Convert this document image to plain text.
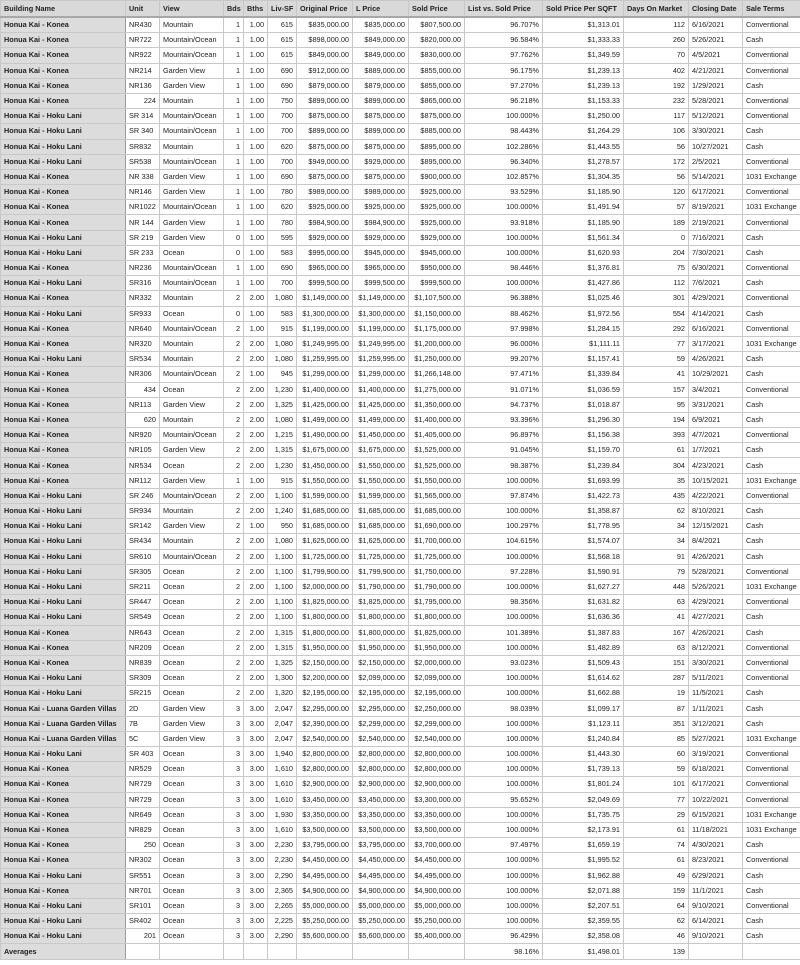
Building Name	Unit	View	Bds	Bths	Liv-SF	Original Price	L Price	Sold Price	List vs. Sold Price	Sold Price Per SQFT	Days On Market	Closing Date	Sale Terms
Honua Kai - Konea	NR430	Mountain	1	1.00	615	$835,000.00	$835,000.00	$807,500.00	96.707%	$1,313.01	112	6/16/2021	Conventional
Honua Kai - Konea	NR722	Mountain/Ocean	1	1.00	615	$898,000.00	$849,000.00	$820,000.00	96.584%	$1,333.33	260	5/26/2021	Cash
Honua Kai - Konea	NR922	Mountain/Ocean	1	1.00	615	$849,000.00	$849,000.00	$830,000.00	97.762%	$1,349.59	70	4/5/2021	Conventional
Honua Kai - Konea	NR214	Garden View	1	1.00	690	$912,000.00	$889,000.00	$855,000.00	96.175%	$1,239.13	402	4/21/2021	Conventional
Honua Kai - Konea	NR136	Garden View	1	1.00	690	$879,000.00	$879,000.00	$855,000.00	97.270%	$1,239.13	192	1/29/2021	Cash
Honua Kai - Konea	224	Mountain	1	1.00	750	$899,000.00	$899,000.00	$865,000.00	96.218%	$1,153.33	232	5/28/2021	Conventional
Honua Kai - Hoku Lani	SR 314	Mountain/Ocean	1	1.00	700	$875,000.00	$875,000.00	$875,000.00	100.000%	$1,250.00	117	5/12/2021	Conventional
Honua Kai - Hoku Lani	SR 340	Mountain/Ocean	1	1.00	700	$899,000.00	$899,000.00	$885,000.00	98.443%	$1,264.29	106	3/30/2021	Cash
Honua Kai - Hoku Lani	SR832	Mountain	1	1.00	620	$875,000.00	$875,000.00	$895,000.00	102.286%	$1,443.55	56	10/27/2021	Cash
Honua Kai - Hoku Lani	SR538	Mountain/Ocean	1	1.00	700	$949,000.00	$929,000.00	$895,000.00	96.340%	$1,278.57	172	2/5/2021	Conventional
Honua Kai - Konea	NR 338	Garden View	1	1.00	690	$875,000.00	$875,000.00	$900,000.00	102.857%	$1,304.35	56	5/14/2021	1031 Exchange
Honua Kai - Konea	NR146	Garden View	1	1.00	780	$989,000.00	$989,000.00	$925,000.00	93.529%	$1,185.90	120	6/17/2021	Conventional
Honua Kai - Konea	NR1022	Mountain/Ocean	1	1.00	620	$925,000.00	$925,000.00	$925,000.00	100.000%	$1,491.94	57	8/19/2021	1031 Exchange
Honua Kai - Konea	NR 144	Garden View	1	1.00	780	$984,900.00	$984,900.00	$925,000.00	93.918%	$1,185.90	189	2/19/2021	Conventional
Honua Kai - Hoku Lani	SR 219	Garden View	0	1.00	595	$929,000.00	$929,000.00	$929,000.00	100.000%	$1,561.34	0	7/16/2021	Cash
Honua Kai - Hoku Lani	SR 233	Ocean	0	1.00	583	$995,000.00	$945,000.00	$945,000.00	100.000%	$1,620.93	204	7/30/2021	Cash
Honua Kai - Konea	NR236	Mountain/Ocean	1	1.00	690	$965,000.00	$965,000.00	$950,000.00	98.446%	$1,376.81	75	6/30/2021	Conventional
Honua Kai - Hoku Lani	SR316	Mountain/Ocean	1	1.00	700	$999,500.00	$999,500.00	$999,500.00	100.000%	$1,427.86	112	7/6/2021	Cash
Honua Kai - Konea	NR332	Mountain	2	2.00	1,080	$1,149,000.00	$1,149,000.00	$1,107,500.00	96.388%	$1,025.46	301	4/29/2021	Conventional
Honua Kai - Hoku Lani	SR933	Ocean	0	1.00	583	$1,300,000.00	$1,300,000.00	$1,150,000.00	88.462%	$1,972.56	554	4/14/2021	Cash
Honua Kai - Konea	NR640	Mountain/Ocean	2	1.00	915	$1,199,000.00	$1,199,000.00	$1,175,000.00	97.998%	$1,284.15	292	6/16/2021	Conventional
Honua Kai - Konea	NR320	Mountain	2	2.00	1,080	$1,249,995.00	$1,249,995.00	$1,200,000.00	96.000%	$1,111.11	77	3/17/2021	1031 Exchange
Honua Kai - Hoku Lani	SR534	Mountain	2	2.00	1,080	$1,259,995.00	$1,259,995.00	$1,250,000.00	99.207%	$1,157.41	59	4/26/2021	Cash
Honua Kai - Konea	NR306	Mountain/Ocean	2	1.00	945	$1,299,000.00	$1,299,000.00	$1,266,148.00	97.471%	$1,339.84	41	10/29/2021	Cash
Honua Kai - Konea	434	Ocean	2	2.00	1,230	$1,400,000.00	$1,400,000.00	$1,275,000.00	91.071%	$1,036.59	157	3/4/2021	Conventional
Honua Kai - Konea	NR113	Garden View	2	2.00	1,325	$1,425,000.00	$1,425,000.00	$1,350,000.00	94.737%	$1,018.87	95	3/31/2021	Cash
Honua Kai - Konea	620	Mountain	2	2.00	1,080	$1,499,000.00	$1,499,000.00	$1,400,000.00	93.396%	$1,296.30	194	6/9/2021	Cash
Honua Kai - Konea	NR920	Mountain/Ocean	2	2.00	1,215	$1,490,000.00	$1,450,000.00	$1,405,000.00	96.897%	$1,156.38	393	4/7/2021	Conventional
Honua Kai - Konea	NR105	Garden View	2	2.00	1,315	$1,675,000.00	$1,675,000.00	$1,525,000.00	91.045%	$1,159.70	61	1/7/2021	Cash
Honua Kai - Konea	NR534	Ocean	2	2.00	1,230	$1,450,000.00	$1,550,000.00	$1,525,000.00	98.387%	$1,239.84	304	4/23/2021	Cash
Honua Kai - Konea	NR112	Garden View	1	1.00	915	$1,550,000.00	$1,550,000.00	$1,550,000.00	100.000%	$1,693.99	35	10/15/2021	1031 Exchange
Honua Kai - Hoku Lani	SR 246	Mountain/Ocean	2	2.00	1,100	$1,599,000.00	$1,599,000.00	$1,565,000.00	97.874%	$1,422.73	435	4/22/2021	Conventional
Honua Kai - Hoku Lani	SR934	Mountain	2	2.00	1,240	$1,685,000.00	$1,685,000.00	$1,685,000.00	100.000%	$1,358.87	62	8/10/2021	Cash
Honua Kai - Hoku Lani	SR142	Garden View	2	1.00	950	$1,685,000.00	$1,685,000.00	$1,690,000.00	100.297%	$1,778.95	34	12/15/2021	Cash
Honua Kai - Hoku Lani	SR434	Mountain	2	2.00	1,080	$1,625,000.00	$1,625,000.00	$1,700,000.00	104.615%	$1,574.07	34	8/4/2021	Cash
Honua Kai - Hoku Lani	SR610	Mountain/Ocean	2	2.00	1,100	$1,725,000.00	$1,725,000.00	$1,725,000.00	100.000%	$1,568.18	91	4/26/2021	Cash
Honua Kai - Hoku Lani	SR305	Ocean	2	2.00	1,100	$1,799,900.00	$1,799,900.00	$1,750,000.00	97.228%	$1,590.91	79	5/28/2021	Conventional
Honua Kai - Hoku Lani	SR211	Ocean	2	2.00	1,100	$2,000,000.00	$1,790,000.00	$1,790,000.00	100.000%	$1,627.27	448	5/26/2021	1031 Exchange
Honua Kai - Hoku Lani	SR447	Ocean	2	2.00	1,100	$1,825,000.00	$1,825,000.00	$1,795,000.00	98.356%	$1,631.82	63	4/29/2021	Conventional
Honua Kai - Hoku Lani	SR549	Ocean	2	2.00	1,100	$1,800,000.00	$1,800,000.00	$1,800,000.00	100.000%	$1,636.36	41	4/27/2021	Cash
Honua Kai - Konea	NR643	Ocean	2	2.00	1,315	$1,800,000.00	$1,800,000.00	$1,825,000.00	101.389%	$1,387.83	167	4/26/2021	Cash
Honua Kai - Konea	NR209	Ocean	2	2.00	1,315	$1,950,000.00	$1,950,000.00	$1,950,000.00	100.000%	$1,482.89	63	8/12/2021	Conventional
Honua Kai - Konea	NR839	Ocean	2	2.00	1,325	$2,150,000.00	$2,150,000.00	$2,000,000.00	93.023%	$1,509.43	151	3/30/2021	Conventional
Honua Kai - Hoku Lani	SR309	Ocean	2	2.00	1,300	$2,200,000.00	$2,099,000.00	$2,099,000.00	100.000%	$1,614.62	287	5/11/2021	Conventional
Honua Kai - Hoku Lani	SR215	Ocean	2	2.00	1,320	$2,195,000.00	$2,195,000.00	$2,195,000.00	100.000%	$1,662.88	19	11/5/2021	Cash
Honua Kai - Luana Garden Villas	2D	Garden View	3	3.00	2,047	$2,295,000.00	$2,295,000.00	$2,250,000.00	98.039%	$1,099.17	87	1/11/2021	Cash
Honua Kai - Luana Garden Villas	7B	Garden View	3	3.00	2,047	$2,390,000.00	$2,299,000.00	$2,299,000.00	100.000%	$1,123.11	351	3/12/2021	Cash
Honua Kai - Luana Garden Villas	5C	Garden View	3	3.00	2,047	$2,540,000.00	$2,540,000.00	$2,540,000.00	100.000%	$1,240.84	85	5/27/2021	1031 Exchange
Honua Kai - Hoku Lani	SR 403	Ocean	3	3.00	1,940	$2,800,000.00	$2,800,000.00	$2,800,000.00	100.000%	$1,443.30	60	3/19/2021	Conventional
Honua Kai - Konea	NR529	Ocean	3	3.00	1,610	$2,800,000.00	$2,800,000.00	$2,800,000.00	100.000%	$1,739.13	59	6/18/2021	Conventional
Honua Kai - Konea	NR729	Ocean	3	3.00	1,610	$2,900,000.00	$2,900,000.00	$2,900,000.00	100.000%	$1,801.24	101	6/17/2021	Conventional
Honua Kai - Konea	NR729	Ocean	3	3.00	1,610	$3,450,000.00	$3,450,000.00	$3,300,000.00	95.652%	$2,049.69	77	10/22/2021	Conventional
Honua Kai - Konea	NR649	Ocean	3	3.00	1,930	$3,350,000.00	$3,350,000.00	$3,350,000.00	100.000%	$1,735.75	29	6/15/2021	1031 Exchange
Honua Kai - Konea	NR829	Ocean	3	3.00	1,610	$3,500,000.00	$3,500,000.00	$3,500,000.00	100.000%	$2,173.91	61	11/18/2021	1031 Exchange
Honua Kai - Konea	250	Ocean	3	3.00	2,230	$3,795,000.00	$3,795,000.00	$3,700,000.00	97.497%	$1,659.19	74	4/30/2021	Cash
Honua Kai - Konea	NR302	Ocean	3	3.00	2,230	$4,450,000.00	$4,450,000.00	$4,450,000.00	100.000%	$1,995.52	61	8/23/2021	Conventional
Honua Kai - Hoku Lani	SR551	Ocean	3	3.00	2,290	$4,495,000.00	$4,495,000.00	$4,495,000.00	100.000%	$1,962.88	49	6/29/2021	Cash
Honua Kai - Konea	NR701	Ocean	3	3.00	2,365	$4,900,000.00	$4,900,000.00	$4,900,000.00	100.000%	$2,071.88	159	11/1/2021	Cash
Honua Kai - Hoku Lani	SR101	Ocean	3	3.00	2,265	$5,000,000.00	$5,000,000.00	$5,000,000.00	100.000%	$2,207.51	64	9/10/2021	Conventional
Honua Kai - Hoku Lani	SR402	Ocean	3	3.00	2,225	$5,250,000.00	$5,250,000.00	$5,250,000.00	100.000%	$2,359.55	62	6/14/2021	Cash
Honua Kai - Hoku Lani	201	Ocean	3	3.00	2,290	$5,600,000.00	$5,600,000.00	$5,400,000.00	96.429%	$2,358.08	46	9/10/2021	Cash
Averages									98.16%	$1,498.01	139		
